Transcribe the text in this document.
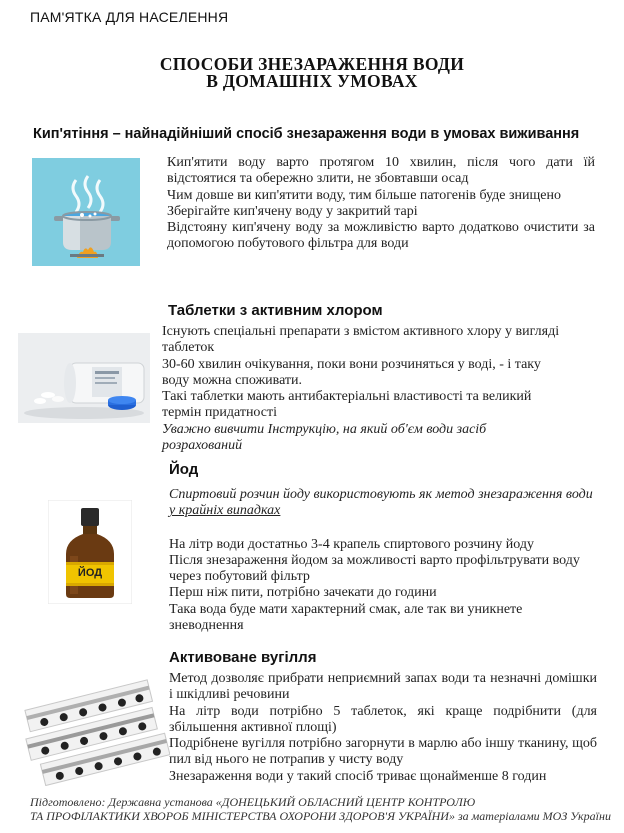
ПАМ'ЯТКА ДЛЯ НАСЕЛЕННЯ
СПОСОБИ ЗНЕЗАРАЖЕННЯ ВОДИ
В ДОМАШНІХ УМОВАХ
Кип'ятіння – найнадійніший спосіб знезараження води в умовах виживання

Кип'ятити воду варто протягом 10 хвилин, після чого дати їй відстоятися та обережно злити, не збовтавши осад

Чим довше ви кип'ятити воду, тим більше патогенів буде знищено

Зберігайте кип'ячену воду у закритий тарі

Відстояну кип'ячену воду за можливістю варто додатково очистити за допомогою побутового фільтра для води

Таблетки з активним хлором

Існують спеціальні препарати з вмістом активного хлору у вигляді таблеток

30-60 хвилин очікування, поки вони розчиняться у воді, - і таку воду можна споживати.

Такі таблетки мають антибактеріальні властивості та великий термін придатності

Уважно вивчити Інструкцію, на який об'єм води засіб розрахований

Йод
ЙОД

Спиртовий розчин йоду використовують як метод знезараження води у крайніх випадках

На літр води достатньо 3-4 крапель спиртового розчину йоду

Після знезараження йодом за можливості варто профільтрувати воду через побутовий фільтр

Перш ніж пити, потрібно зачекати до години

Така вода буде мати характерний смак, але так ви уникнете зневоднення

Активоване вугілля

Метод дозволяє прибрати неприємний запах води та незначні домішки і шкідливі речовини

На літр води потрібно 5 таблеток, які краще подрібнити (для збільшення активної площі)

Подрібнене вугілля потрібно загорнути в марлю або іншу тканину, щоб пил від нього не потрапив у чисту воду

Знезараження води у такий спосіб триває щонайменше 8 годин

Підготовлено: Державна установа «ДОНЕЦЬКИЙ ОБЛАСНИЙ ЦЕНТР КОНТРОЛЮ
ТА ПРОФІЛАКТИКИ ХВОРОБ МІНІСТЕРСТВА ОХОРОНИ ЗДОРОВ'Я УКРАЇНИ» за матеріалами МОЗ України
